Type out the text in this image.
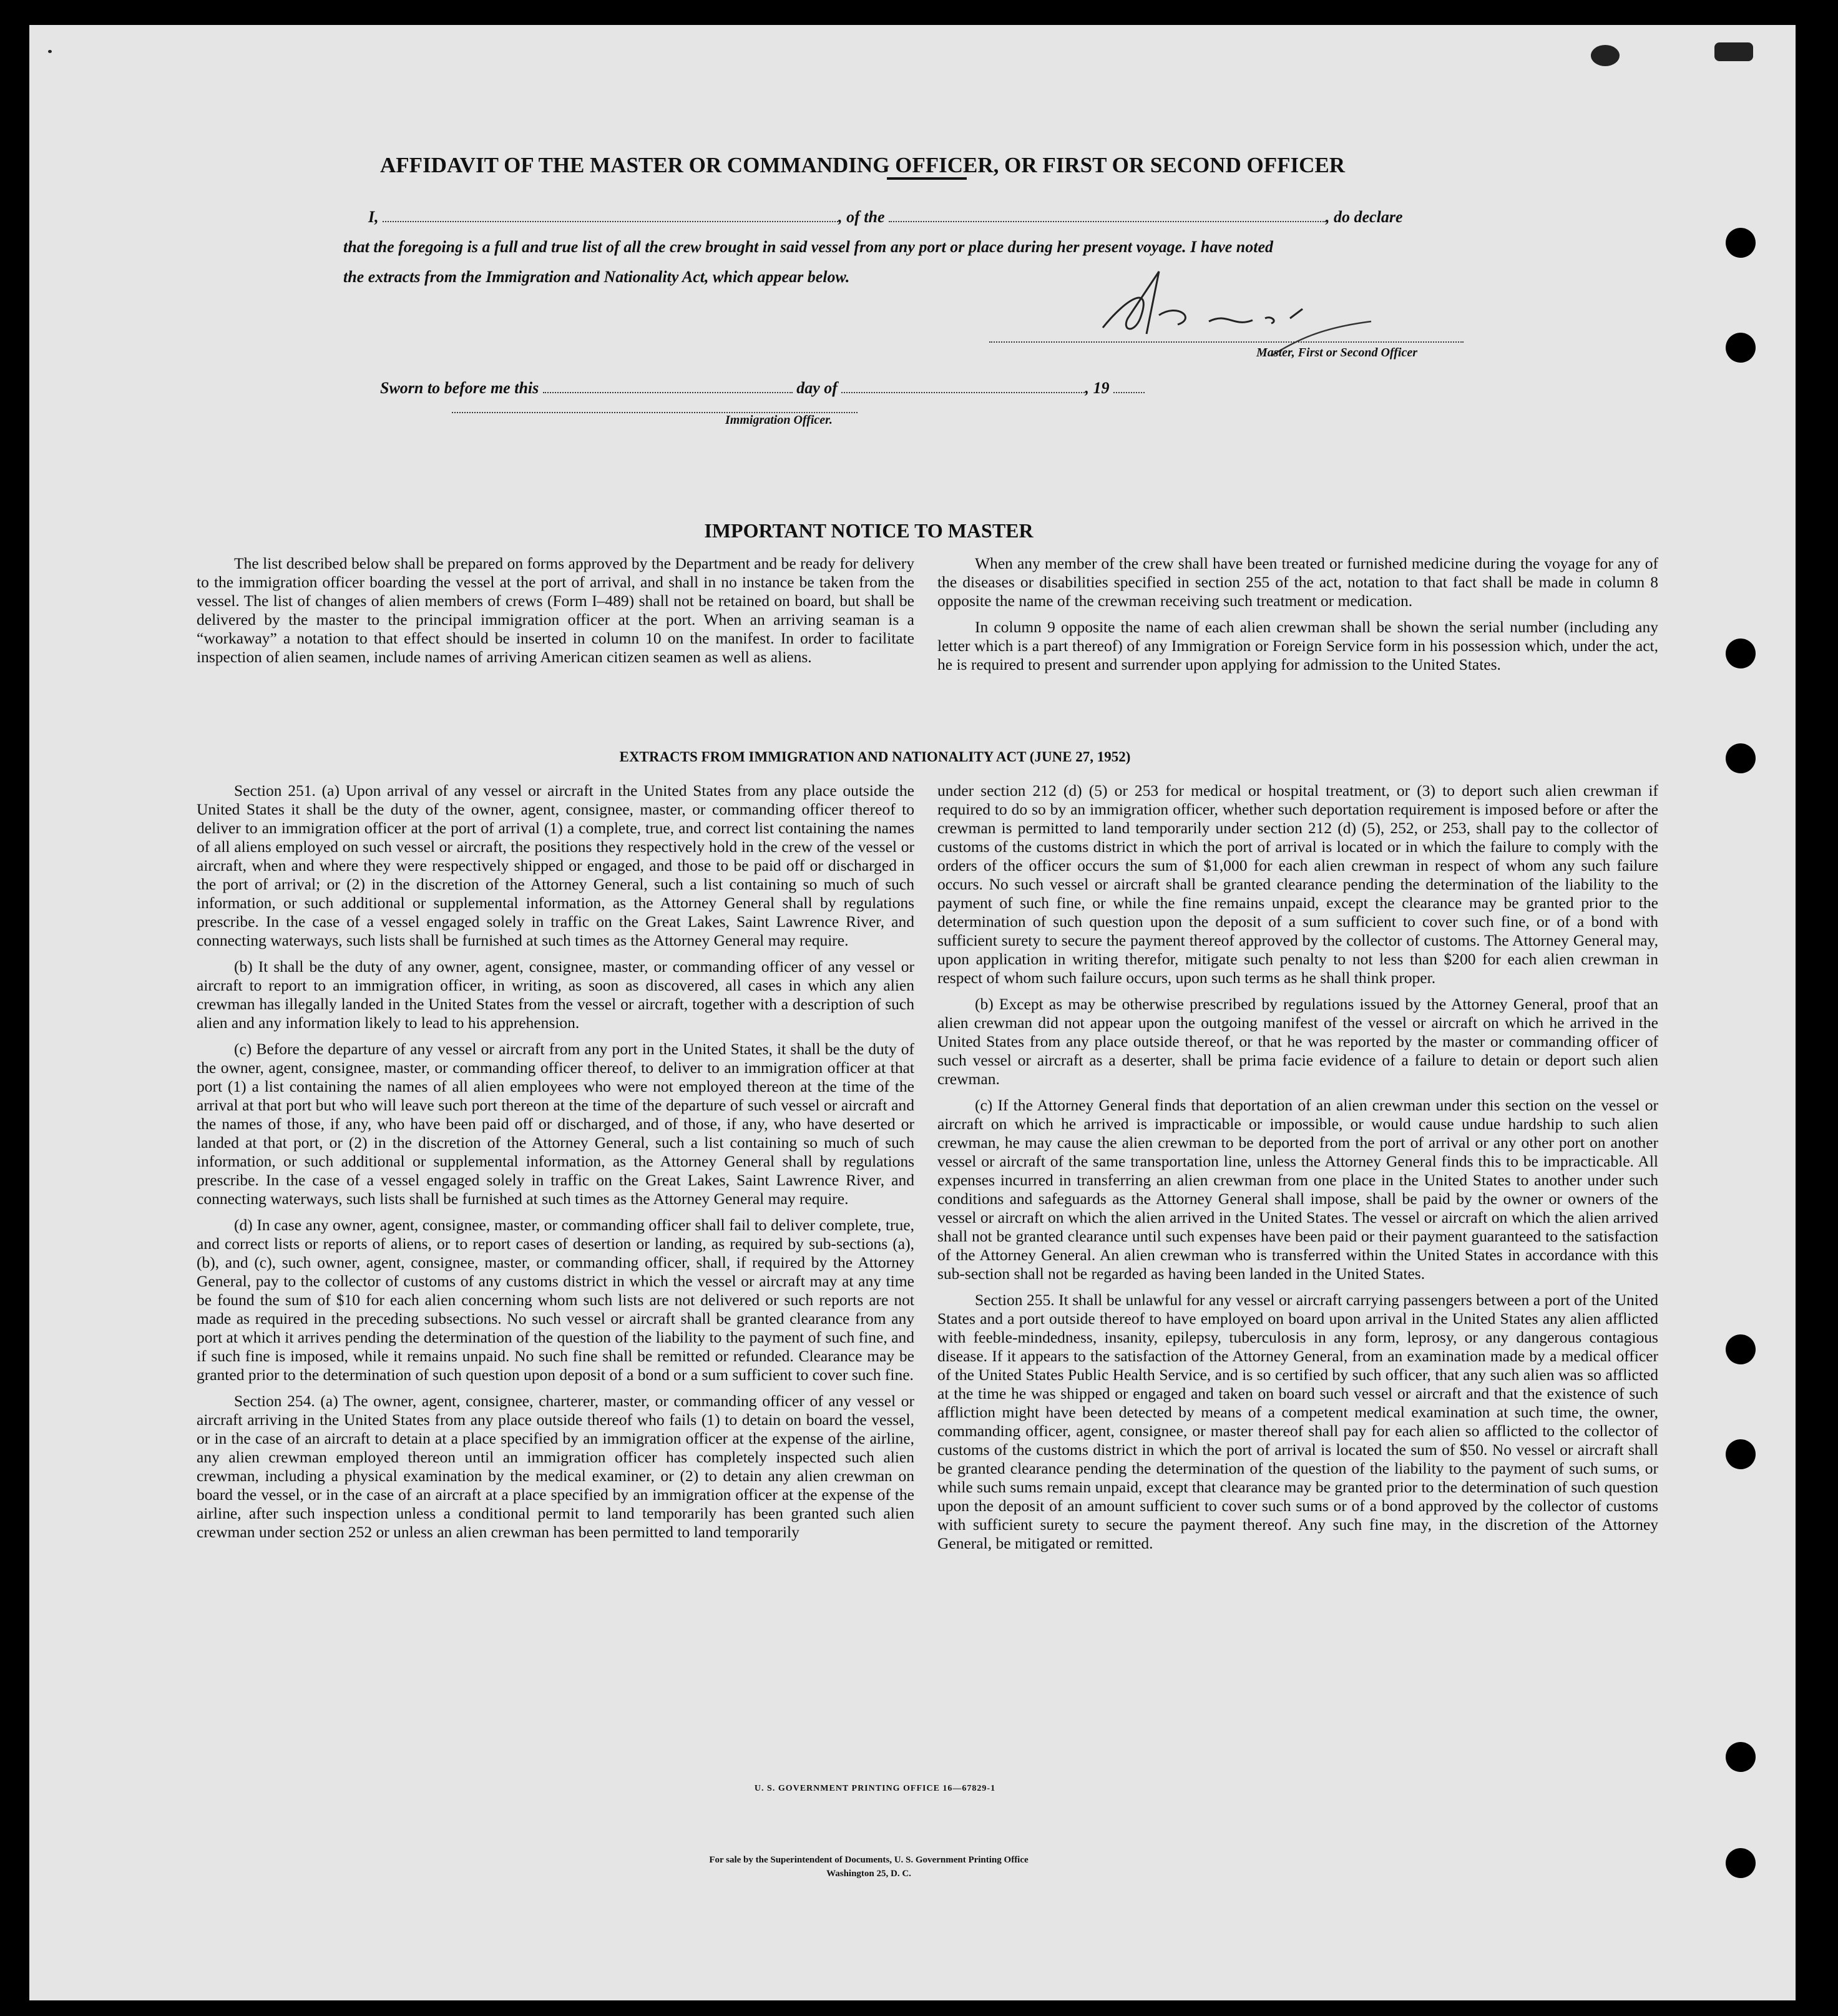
AFFIDAVIT OF THE MASTER OR COMMANDING OFFICER, OR FIRST OR SECOND OFFICER
I,	, of the	, do declare
that the foregoing is a full and true list of all the crew brought in said vessel from any port or place during her present voyage. I have noted
the extracts from the Immigration and Nationality Act, which appear below.
Master, First or Second Officer
Sworn to before me this	day of	, 19
Immigration Officer.
IMPORTANT NOTICE TO MASTER

The list described below shall be prepared on forms approved by the Department and be ready for delivery to the immigration officer boarding the vessel at the port of arrival, and shall in no instance be taken from the vessel. The list of changes of alien members of crews (Form I–489) shall not be retained on board, but shall be delivered by the master to the principal immigration officer at the port. When an arriving seaman is a “workaway” a notation to that effect should be inserted in column 10 on the manifest. In order to facilitate inspection of alien seamen, include names of arriving American citizen seamen as well as aliens.

When any member of the crew shall have been treated or furnished medicine during the voyage for any of the diseases or disabilities specified in section 255 of the act, notation to that fact shall be made in column 8 opposite the name of the crewman receiving such treatment or medication.

In column 9 opposite the name of each alien crewman shall be shown the serial number (including any letter which is a part thereof) of any Immigration or Foreign Service form in his possession which, under the act, he is required to present and surrender upon applying for admission to the United States.

EXTRACTS FROM IMMIGRATION AND NATIONALITY ACT (JUNE 27, 1952)

Section 251. (a) Upon arrival of any vessel or aircraft in the United States from any place outside the United States it shall be the duty of the owner, agent, consignee, master, or commanding officer thereof to deliver to an immigration officer at the port of arrival (1) a complete, true, and correct list containing the names of all aliens employed on such vessel or aircraft, the positions they respectively hold in the crew of the vessel or aircraft, when and where they were respectively shipped or engaged, and those to be paid off or discharged in the port of arrival; or (2) in the discretion of the Attorney General, such a list containing so much of such information, or such additional or supplemental information, as the Attorney General shall by regulations prescribe. In the case of a vessel engaged solely in traffic on the Great Lakes, Saint Lawrence River, and connecting waterways, such lists shall be furnished at such times as the Attorney General may require.

(b) It shall be the duty of any owner, agent, consignee, master, or commanding officer of any vessel or aircraft to report to an immigration officer, in writing, as soon as discovered, all cases in which any alien crewman has illegally landed in the United States from the vessel or aircraft, together with a description of such alien and any information likely to lead to his apprehension.

(c) Before the departure of any vessel or aircraft from any port in the United States, it shall be the duty of the owner, agent, consignee, master, or commanding officer thereof, to deliver to an immigration officer at that port (1) a list containing the names of all alien employees who were not employed thereon at the time of the arrival at that port but who will leave such port thereon at the time of the departure of such vessel or aircraft and the names of those, if any, who have been paid off or discharged, and of those, if any, who have deserted or landed at that port, or (2) in the discretion of the Attorney General, such a list containing so much of such information, or such additional or supplemental information, as the Attorney General shall by regulations prescribe. In the case of a vessel engaged solely in traffic on the Great Lakes, Saint Lawrence River, and connecting waterways, such lists shall be furnished at such times as the Attorney General may require.

(d) In case any owner, agent, consignee, master, or commanding officer shall fail to deliver complete, true, and correct lists or reports of aliens, or to report cases of desertion or landing, as required by sub-sections (a), (b), and (c), such owner, agent, consignee, master, or commanding officer, shall, if required by the Attorney General, pay to the collector of customs of any customs district in which the vessel or aircraft may at any time be found the sum of $10 for each alien concerning whom such lists are not delivered or such reports are not made as required in the preceding subsections. No such vessel or aircraft shall be granted clearance from any port at which it arrives pending the determination of the question of the liability to the payment of such fine, and if such fine is imposed, while it remains unpaid. No such fine shall be remitted or refunded. Clearance may be granted prior to the determination of such question upon deposit of a bond or a sum sufficient to cover such fine.

Section 254. (a) The owner, agent, consignee, charterer, master, or commanding officer of any vessel or aircraft arriving in the United States from any place outside thereof who fails (1) to detain on board the vessel, or in the case of an aircraft to detain at a place specified by an immigration officer at the expense of the airline, any alien crewman employed thereon until an immigration officer has completely inspected such alien crewman, including a physical examination by the medical examiner, or (2) to detain any alien crewman on board the vessel, or in the case of an aircraft at a place specified by an immigration officer at the expense of the airline, after such inspection unless a conditional permit to land temporarily has been granted such alien crewman under section 252 or unless an alien crewman has been permitted to land temporarily

under section 212 (d) (5) or 253 for medical or hospital treatment, or (3) to deport such alien crewman if required to do so by an immigration officer, whether such deportation requirement is imposed before or after the crewman is permitted to land temporarily under section 212 (d) (5), 252, or 253, shall pay to the collector of customs of the customs district in which the port of arrival is located or in which the failure to comply with the orders of the officer occurs the sum of $1,000 for each alien crewman in respect of whom any such failure occurs. No such vessel or aircraft shall be granted clearance pending the determination of the liability to the payment of such fine, or while the fine remains unpaid, except the clearance may be granted prior to the determination of such question upon the deposit of a sum sufficient to cover such fine, or of a bond with sufficient surety to secure the payment thereof approved by the collector of customs. The Attorney General may, upon application in writing therefor, mitigate such penalty to not less than $200 for each alien crewman in respect of whom such failure occurs, upon such terms as he shall think proper.

(b) Except as may be otherwise prescribed by regulations issued by the Attorney General, proof that an alien crewman did not appear upon the outgoing manifest of the vessel or aircraft on which he arrived in the United States from any place outside thereof, or that he was reported by the master or commanding officer of such vessel or aircraft as a deserter, shall be prima facie evidence of a failure to detain or deport such alien crewman.

(c) If the Attorney General finds that deportation of an alien crewman under this section on the vessel or aircraft on which he arrived is impracticable or impossible, or would cause undue hardship to such alien crewman, he may cause the alien crewman to be deported from the port of arrival or any other port on another vessel or aircraft of the same transportation line, unless the Attorney General finds this to be impracticable. All expenses incurred in transferring an alien crewman from one place in the United States to another under such conditions and safeguards as the Attorney General shall impose, shall be paid by the owner or owners of the vessel or aircraft on which the alien arrived in the United States. The vessel or aircraft on which the alien arrived shall not be granted clearance until such expenses have been paid or their payment guaranteed to the satisfaction of the Attorney General. An alien crewman who is transferred within the United States in accordance with this sub-section shall not be regarded as having been landed in the United States.

Section 255. It shall be unlawful for any vessel or aircraft carrying passengers between a port of the United States and a port outside thereof to have employed on board upon arrival in the United States any alien afflicted with feeble-mindedness, insanity, epilepsy, tuberculosis in any form, leprosy, or any dangerous contagious disease. If it appears to the satisfaction of the Attorney General, from an examination made by a medical officer of the United States Public Health Service, and is so certified by such officer, that any such alien was so afflicted at the time he was shipped or engaged and taken on board such vessel or aircraft and that the existence of such affliction might have been detected by means of a competent medical examination at such time, the owner, commanding officer, agent, consignee, or master thereof shall pay for each alien so afflicted to the collector of customs of the customs district in which the port of arrival is located the sum of $50. No vessel or aircraft shall be granted clearance pending the determination of the question of the liability to the payment of such sums, or while such sums remain unpaid, except that clearance may be granted prior to the determination of such question upon the deposit of an amount sufficient to cover such sums or of a bond approved by the collector of customs with sufficient surety to secure the payment thereof. Any such fine may, in the discretion of the Attorney General, be mitigated or remitted.

U. S. GOVERNMENT PRINTING OFFICE 16—67829-1
For sale by the Superintendent of Documents, U. S. Government Printing Office
Washington 25, D. C.
